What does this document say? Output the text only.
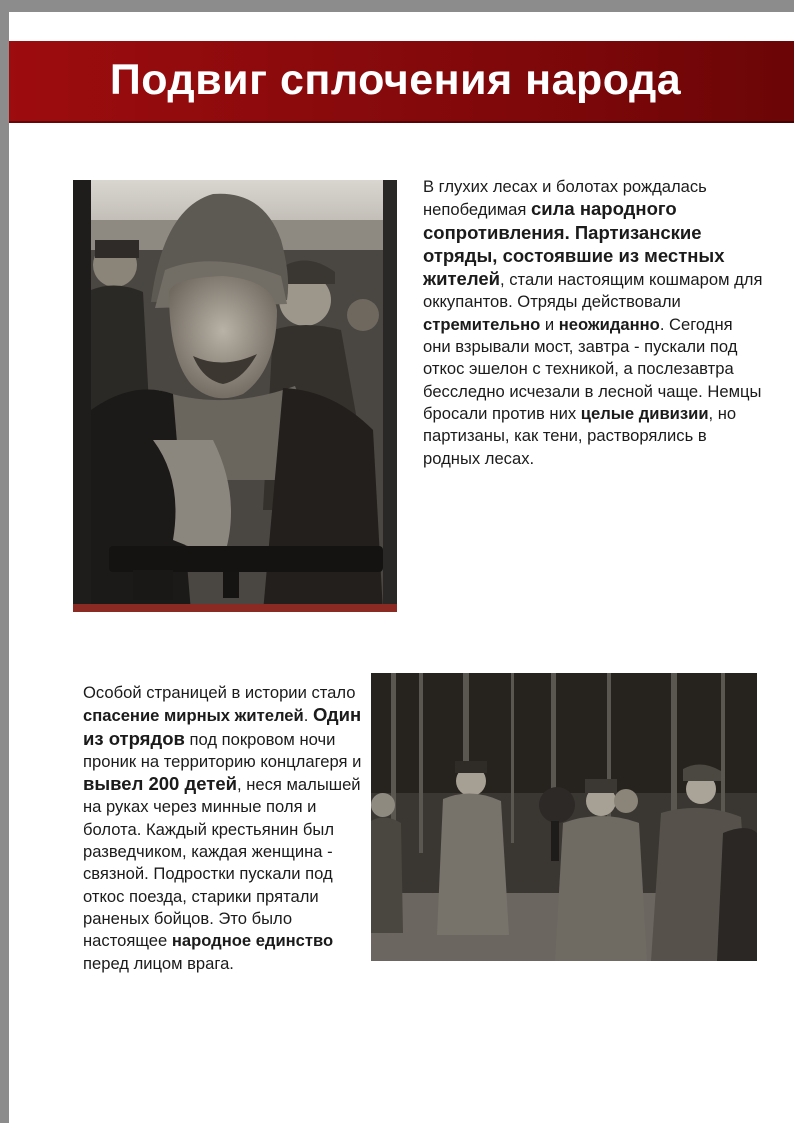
Подвиг сплочения народа
В глухих лесах и болотах рождалась непобедимая сила народного сопротивления. Партизанские отряды, состоявшие из местных жителей, стали настоящим кошмаром для оккупантов. Отряды действовали стремительно и неожиданно. Сегодня они взрывали мост, завтра - пускали под откос эшелон с техникой, а послезавтра бесследно исчезали в лесной чаще. Немцы бросали против них целые дивизии, но партизаны, как тени, растворялись в родных лесах.
Особой страницей в истории стало спасение мирных жителей. Один из отрядов под покровом ночи проник на территорию концлагеря и вывел 200 детей, неся малышей на руках через минные поля и болота. Каждый крестьянин был разведчиком, каждая женщина - связной. Подростки пускали под откос поезда, старики прятали раненых бойцов. Это было настоящее народное единство перед лицом врага.
